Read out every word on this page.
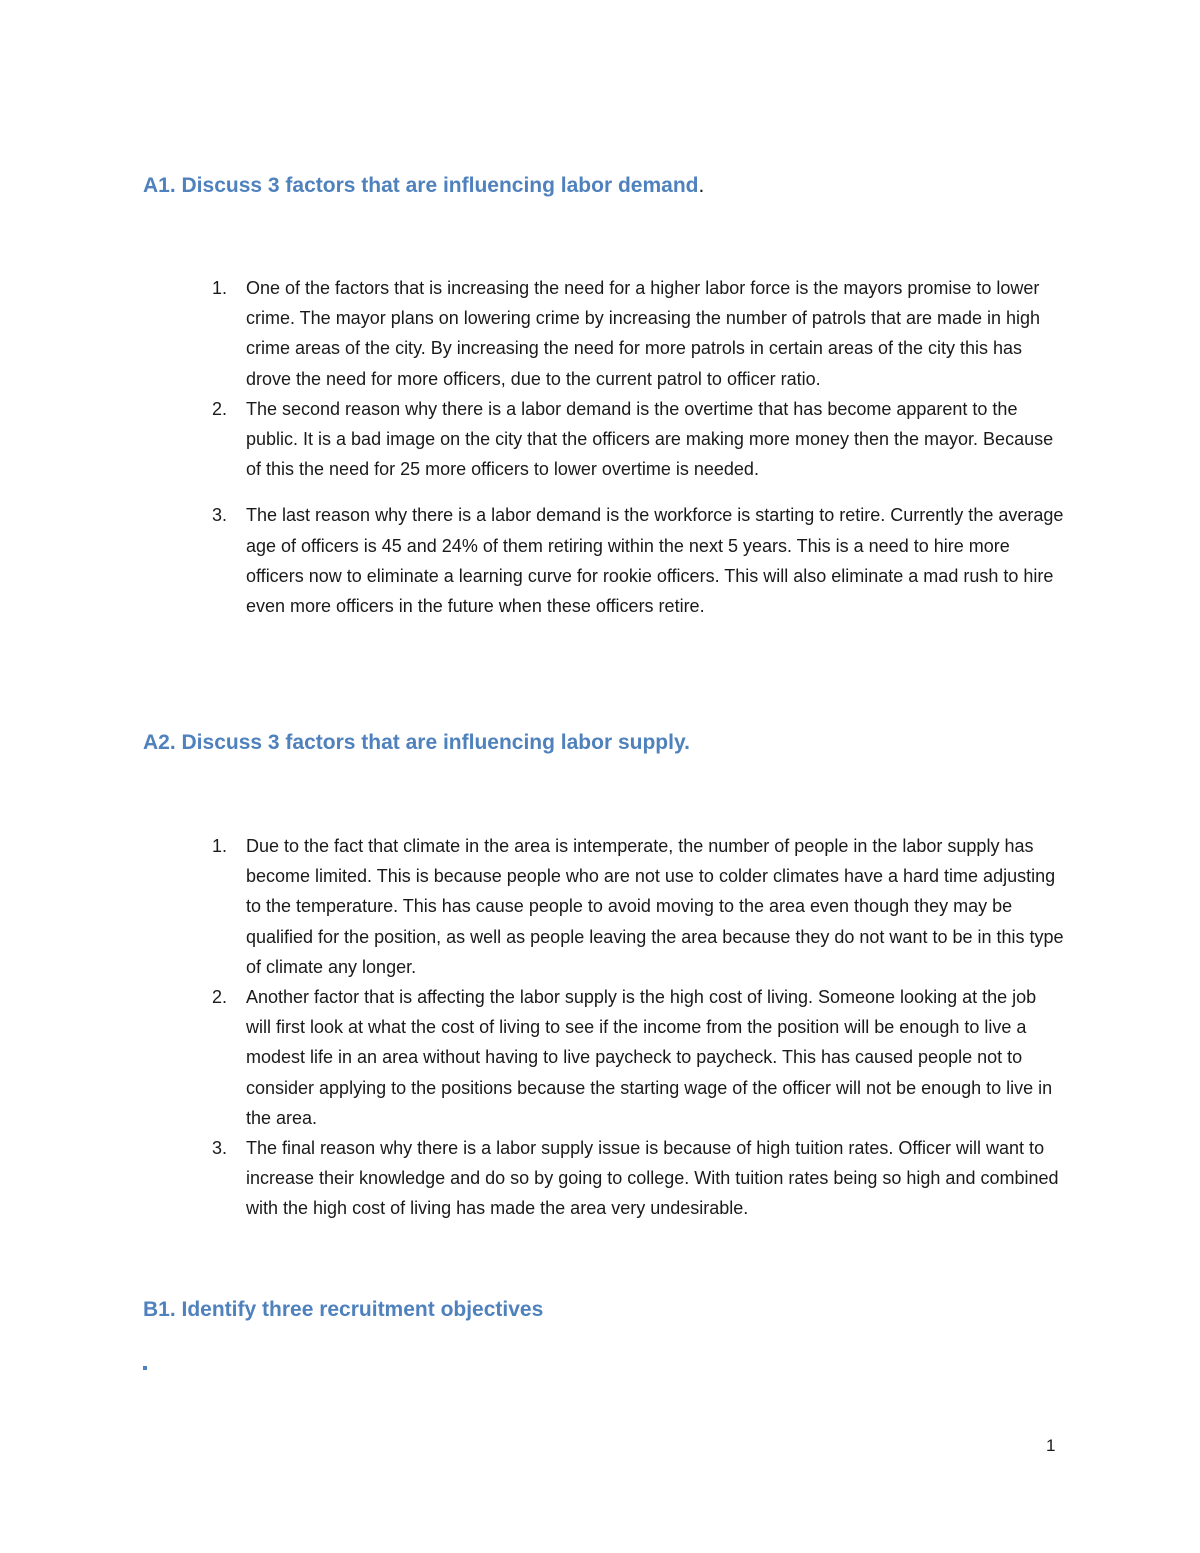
A1. Discuss 3 factors that are influencing labor demand.
1. One of the factors that is increasing the need for a higher labor force is the mayors promise to lower crime. The mayor plans on lowering crime by increasing the number of patrols that are made in high crime areas of the city. By increasing the need for more patrols in certain areas of the city this has drove the need for more officers, due to the current patrol to officer ratio.
2. The second reason why there is a labor demand is the overtime that has become apparent to the public. It is a bad image on the city that the officers are making more money then the mayor. Because of this the need for 25 more officers to lower overtime is needed.
3. The last reason why there is a labor demand is the workforce is starting to retire. Currently the average age of officers is 45 and 24% of them retiring within the next 5 years. This is a need to hire more officers now to eliminate a learning curve for rookie officers. This will also eliminate a mad rush to hire even more officers in the future when these officers retire.
A2. Discuss 3 factors that are influencing labor supply.
1. Due to the fact that climate in the area is intemperate, the number of people in the labor supply has become limited. This is because people who are not use to colder climates have a hard time adjusting to the temperature. This has cause people to avoid moving to the area even though they may be qualified for the position, as well as people leaving the area because they do not want to be in this type of climate any longer.
2. Another factor that is affecting the labor supply is the high cost of living. Someone looking at the job will first look at what the cost of living to see if the income from the position will be enough to live a modest life in an area without having to live paycheck to paycheck. This has caused people not to consider applying to the positions because the starting wage of the officer will not be enough to live in the area.
3. The final reason why there is a labor supply issue is because of high tuition rates. Officer will want to increase their knowledge and do so by going to college. With tuition rates being so high and combined with the high cost of living has made the area very undesirable.
B1. Identify three recruitment objectives
1
